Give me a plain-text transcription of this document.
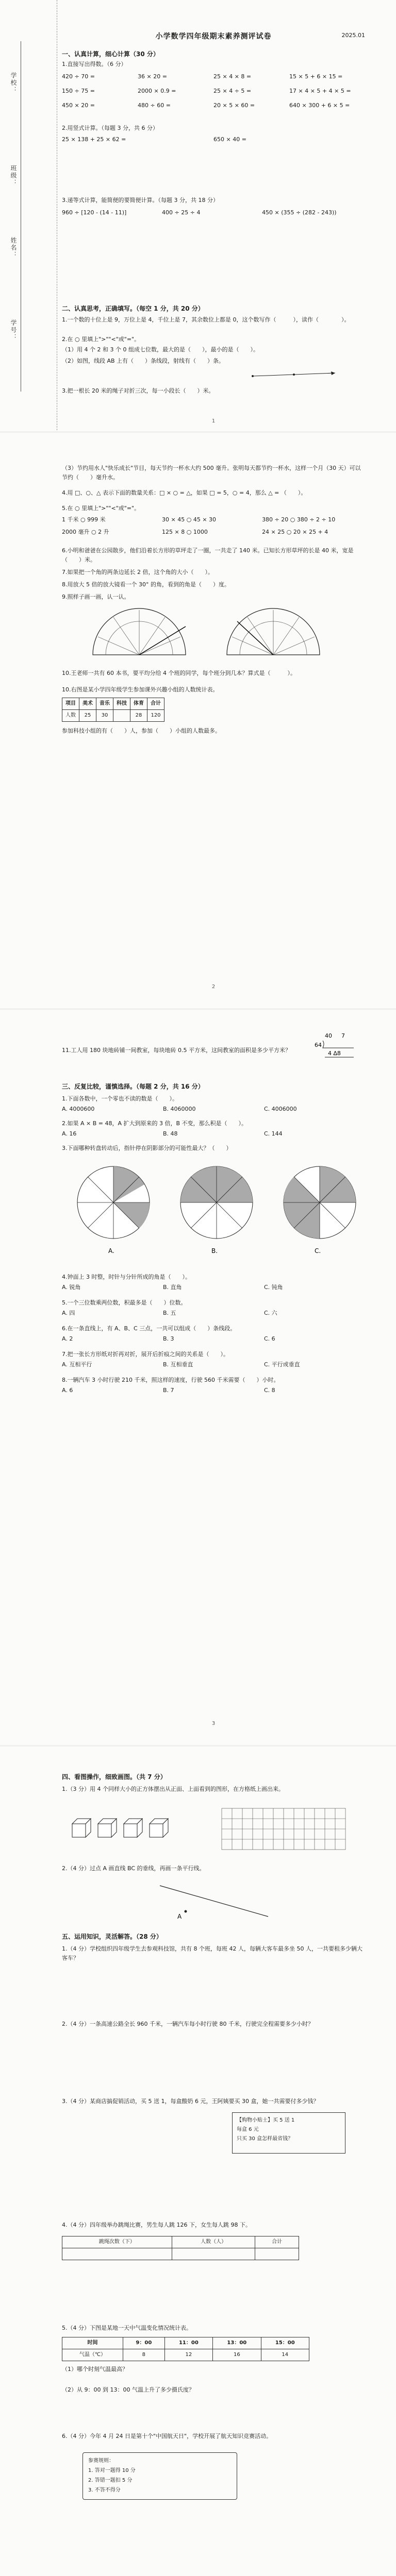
学校：
班级：
姓名：
学号：
小学数学四年级期末素养测评试卷	2025.01
一、认真计算，细心计算（30 分）
1.直接写出得数。（6 分）
420 ÷ 70 =	36 × 20 =	25 × 4 × 8 =	15 × 5 + 6 × 15 =
150 ÷ 75 =	2000 × 0.9 =	25 × 4 ÷ 5 =	17 × 4 × 5 + 4 × 5 =
450 × 20 =	480 ÷ 60 =	20 × 5 × 60 =	640 × 300 + 6 × 5 =
2.用竖式计算。（每题 3 分，共 6 分）
25 × 138 + 25 × 62 =	650 × 40 =
3.递等式计算，能简便的要简便计算。（每题 3 分，共 18 分）
960 ÷ [120 - (14 - 11)]	400 ÷ 25 ÷ 4	450 × (355 ÷ (282 - 243))
二、认真思考，正确填写。（每空 1 分，共 20 分）
1.一个数的十位上是 9，万位上是 4，千位上是 7，其余数位上都是 0，这个数写作（　　　），读作（　　　　）。
2.在 ○ 里填上">""<"或"="。
（1）用 4 个 2 和 3 个 0 组成七位数，最大的是（　　），最小的是（　　）。
（2）如图，线段 AB 上有（　　）条线段，射线有（　　）条。
3.把一根长 20 米的绳子对折三次，每一小段长（　　）米。
1
（3）节约用水人"快乐成长"节目，每天节约一杯水大约 500 毫升。张明每天都节约一杯水，这样一个月（30 天）可以节约（　　）毫升水。
4.用 □、○、△ 表示下面的数量关系：□ × ○ = △，如果 □ = 5，○ = 4，那么 △ = （　　）。
5.在 ○ 里填上">""<"或"="。
1 千米 ○ 999 米	30 × 45 ○ 45 × 30	380 ÷ 20 ○ 380 ÷ 2 ÷ 10
2000 毫升 ○ 2 升	125 × 8 ○ 1000	24 × 25 ○ 20 × 25 + 4
6.小明和爸爸在公园散步，他们沿着长方形的草坪走了一圈，一共走了 140 米。已知长方形草坪的长是 40 米，宽是（　　）米。
7.如果把一个角的两条边延长 2 倍，这个角的大小（　　）。
8.用放大 5 倍的放大镜看一个 30° 的角，看到的角是（　　）度。
9.照样子画一画，认一认。
10.王老师一共有 60 本书，要平均分给 4 个班的同学，每个班分到几本？算式是（　　　）。
10.右图是某小学四年级学生参加课外兴趣小组的人数统计表。
项目	美术	音乐	科技	体育	合计
人数	25	30		28	120
参加科技小组的有（　　）人，参加（　　）小组的人数最多。
2
11.工人用 180 块地砖铺一间教室，每块地砖 0.5 平方米，这间教室的面积是多少平方米？
40 7
64
4 ∆8
三、反复比较，谨慎选择。（每题 2 分，共 16 分）
1.下面各数中，一个零也不读的数是（　　）。
A. 4000600	B. 4060000	C. 4006000
2.如果 A × B = 48，A 扩大到原来的 3 倍，B 不变，那么积是（　　）。
A. 16	B. 48	C. 144
3.下面哪种转盘转动后，指针停在阴影部分的可能性最大？（　　）
A.	B.	C.
4.钟面上 3 时整，时针与分针所成的角是（　　）。
A. 锐角	B. 直角	C. 钝角
5.一个三位数乘两位数，积最多是（　　）位数。
A. 四	B. 五	C. 六
6.在一条直线上，有 A、B、C 三点，一共可以组成（　　）条线段。
A. 2	B. 3	C. 6
7.把一张长方形纸对折再对折，展开后折痕之间的关系是（　　）。
A. 互相平行	B. 互相垂直	C. 平行或垂直
8.一辆汽车 3 小时行驶 210 千米，照这样的速度，行驶 560 千米需要（　　）小时。
A. 6	B. 7	C. 8
3
四、看图操作，细致画图。（共 7 分）
1.（3 分）用 4 个同样大小的正方体摆出从正面、上面看到的图形，在方格纸上画出来。
2.（4 分）过点 A 画直线 BC 的垂线，再画一条平行线。
A
五、运用知识，灵活解答。（28 分）
1.（4 分）学校组织四年级学生去参观科技馆，共有 8 个班，每班 42 人，每辆大客车最多坐 50 人，一共要租多少辆大客车？
2.（4 分）一条高速公路全长 960 千米，一辆汽车每小时行驶 80 千米，行驶完全程需要多少小时？
3.（4 分）某商店搞促销活动，买 5 送 1，每盒酸奶 6 元，王阿姨要买 30 盒，她一共需要付多少钱？
【购物小贴士】买 5 送 1
每盒 6 元
只买 30 盒怎样最省钱？
4.（4 分）四年级举办跳绳比赛，男生每人跳 126 下，女生每人跳 98 下。
跳绳次数（下）	人数（人）	合计

5.（4 分）下图是某地一天中气温变化情况统计表。
时间	9：00	11：00	13：00	15：00
气温（℃）	8	12	16	14
（1）哪个时刻气温最高？
（2）从 9：00 到 13：00 气温上升了多少摄氏度？
6.（4 分）今年 4 月 24 日是第十个"中国航天日"，学校开展了航天知识竞赛活动。
参赛规则：
1. 答对一题得 10 分
2. 答错一题扣 5 分
3. 不答不得分
